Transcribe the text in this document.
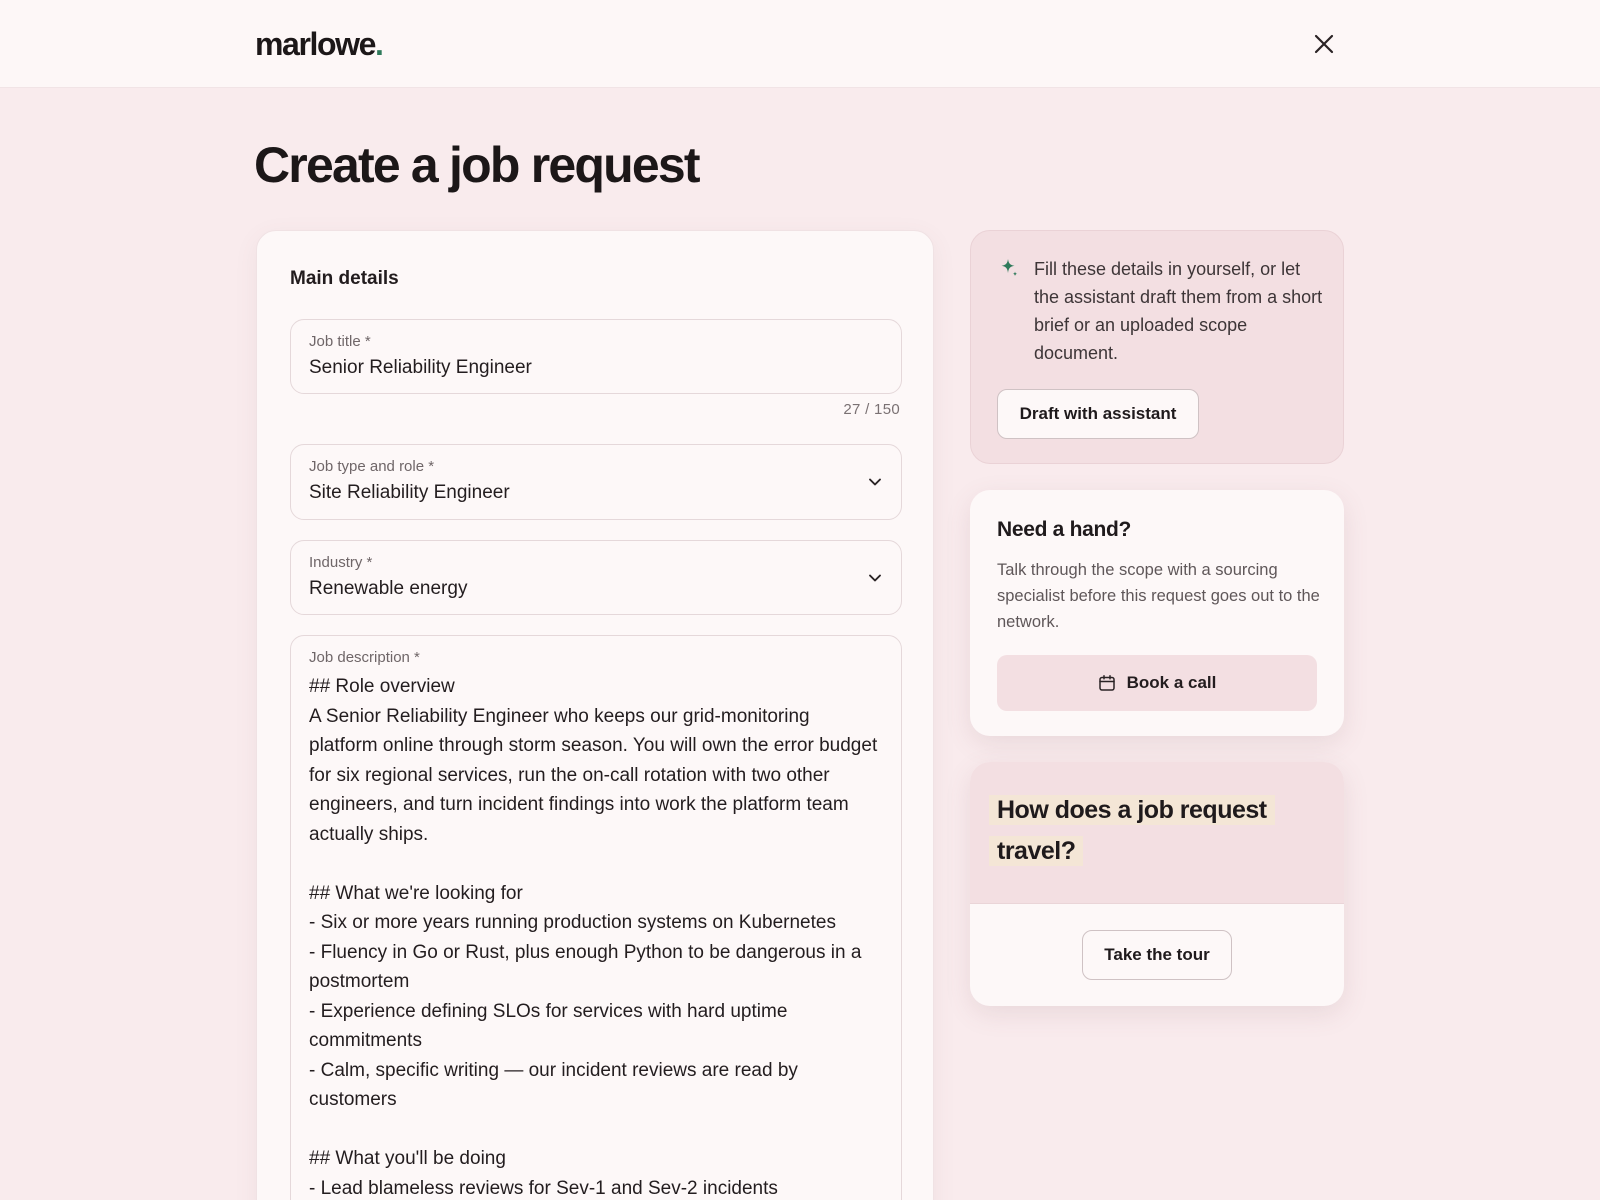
marlowe.
Create a job request
Main details
Job title *
Senior Reliability Engineer
27 / 150
Job type and role *
Site Reliability Engineer
Industry *
Renewable energy
Job description *
## Role overview
A Senior Reliability Engineer who keeps our grid-monitoring platform online through storm season. You will own the error budget for six regional services, run the on-call rotation with two other engineers, and turn incident findings into work the platform team actually ships.

## What we're looking for
- Six or more years running production systems on Kubernetes
- Fluency in Go or Rust, plus enough Python to be dangerous in a postmortem
- Experience defining SLOs for services with hard uptime commitments
- Calm, specific writing — our incident reviews are read by customers

## What you'll be doing
- Lead blameless reviews for Sev-1 and Sev-2 incidents
Fill these details in yourself, or let the assistant draft them from a short brief or an uploaded scope document.
Draft with assistant
Need a hand?
Talk through the scope with a sourcing specialist before this request goes out to the network.
Book a call
How does a job request travel?
Take the tour
